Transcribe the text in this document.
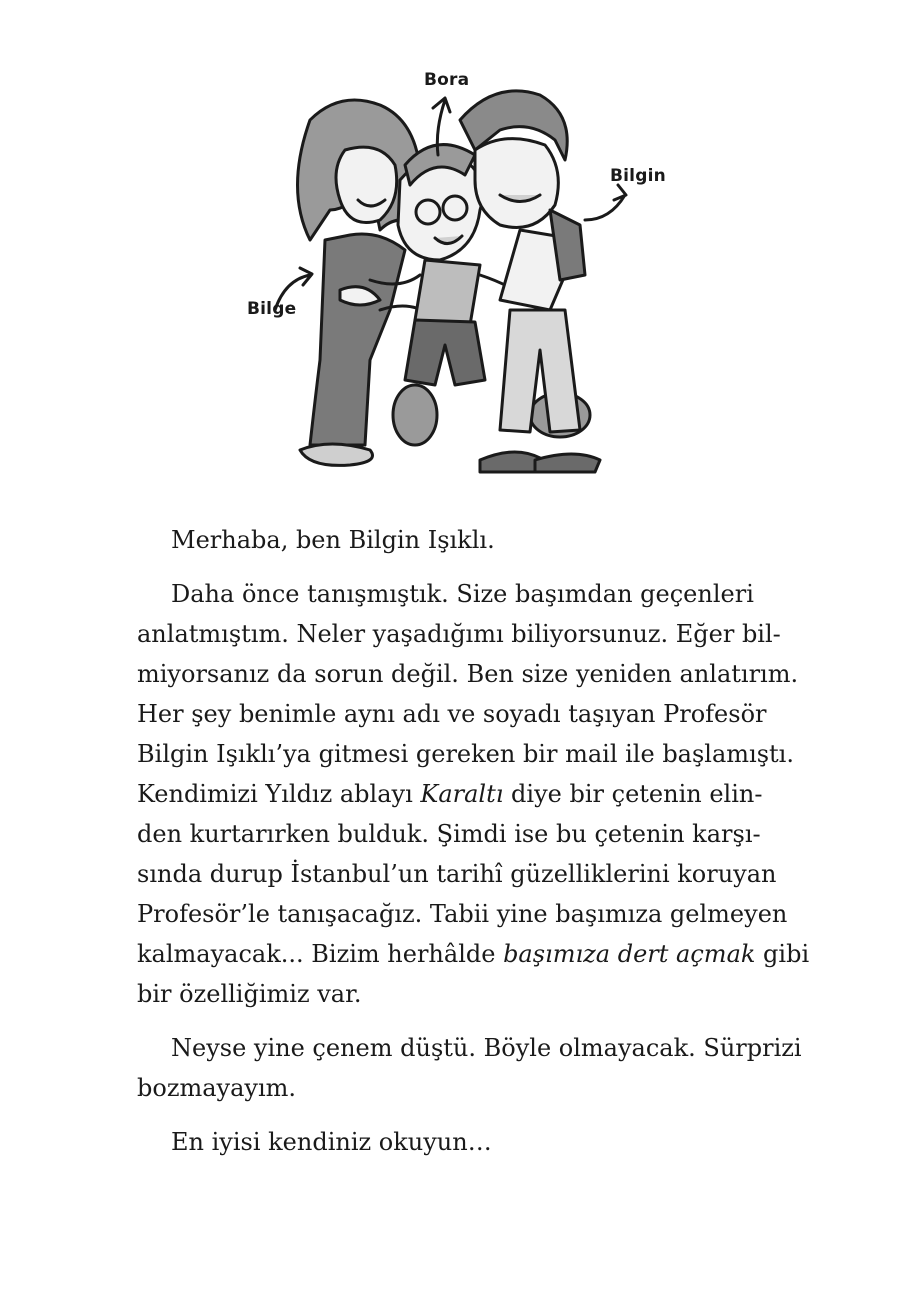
Bora
Bilgin
Bilge

Merhaba, ben Bilgin Işıklı.

Daha önce tanışmıştık. Size başımdan geçenleri
anlatmıştım. Neler yaşadığımı biliyorsunuz. Eğer bil-
miyorsanız da sorun değil. Ben size yeniden anlatırım.
Her şey benimle aynı adı ve soyadı taşıyan Profesör
Bilgin Işıklı’ya gitmesi gereken bir mail ile başlamıştı.
Kendimizi Yıldız ablayı Karaltı diye bir çetenin elin-
den kurtarırken bulduk. Şimdi ise bu çetenin karşı-
sında durup İstanbul’un tarihî güzelliklerini koruyan
Profesör’le tanışacağız. Tabii yine başımıza gelmeyen
kalmayacak... Bizim herhâlde başımıza dert açmak gibi
bir özelliğimiz var.

Neyse yine çenem düştü. Böyle olmayacak. Sürprizi
bozmayayım.

En iyisi kendiniz okuyun…
